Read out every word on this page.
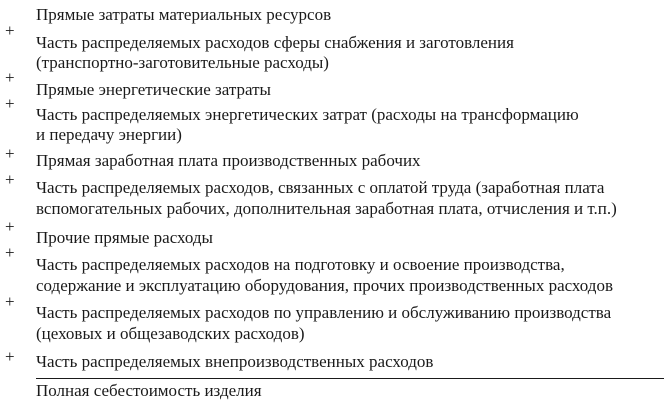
Прямые затраты материальных ресурсов
Часть распределяемых расходов сферы снабжения и заготовления
(транспортно-заготовительные расходы)
Прямые энергетические затраты
Часть распределяемых энергетических затрат (расходы на трансформацию
и передачу энергии)
Прямая заработная плата производственных рабочих
Часть распределяемых расходов, связанных с оплатой труда (заработная плата
вспомогательных рабочих, дополнительная заработная плата, отчисления и т.п.)
Прочие прямые расходы
Часть распределяемых расходов на подготовку и освоение производства,
содержание и эксплуатацию оборудования, прочих производственных расходов
Часть распределяемых расходов по управлению и обслуживанию производства
(цеховых и общезаводских расходов)
Часть распределяемых внепроизводственных расходов
+
+
+
+
+
+
+
+
+
Полная себестоимость изделия
